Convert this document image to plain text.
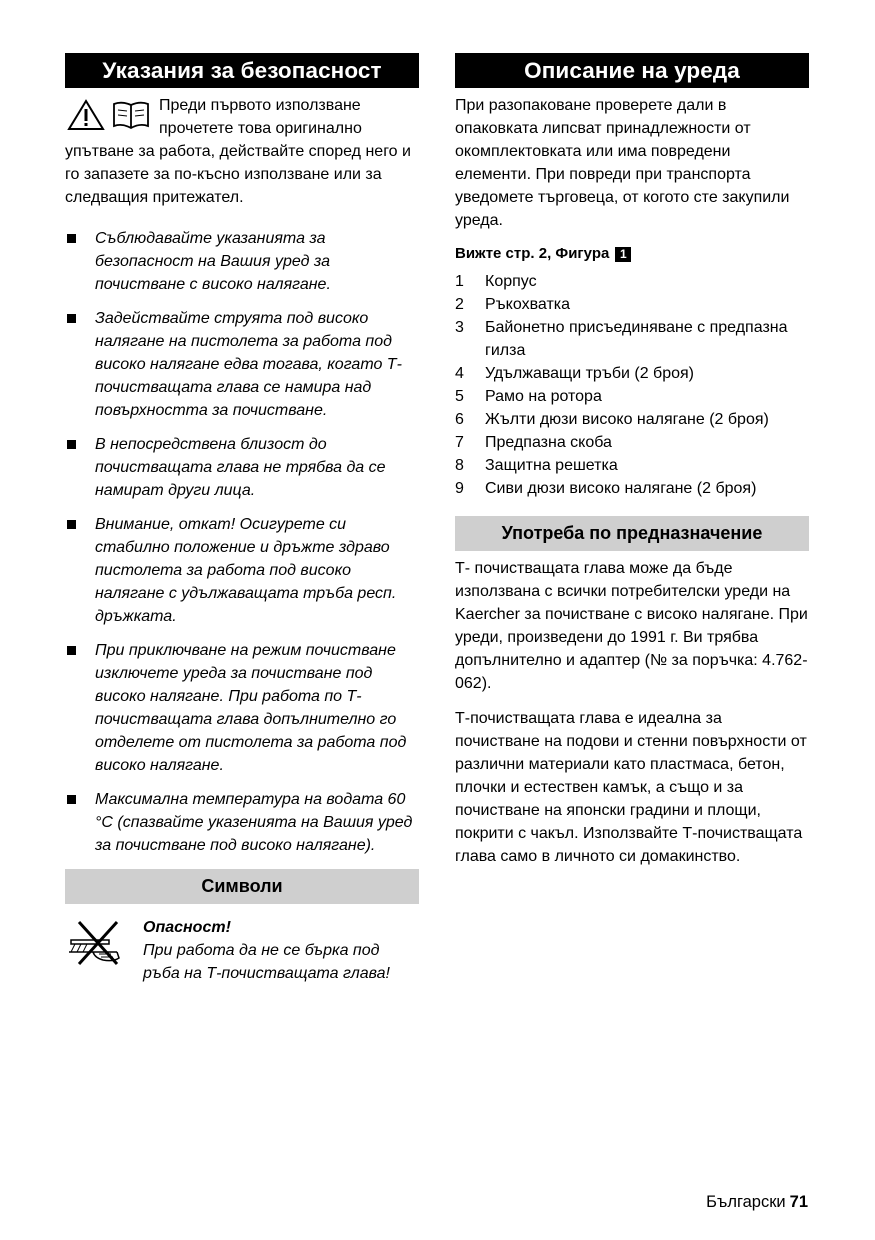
Указания за безопасност
Преди първото използване прочетете това оригинално упътване за работа, действайте според него и го запазете за по-късно използване или за следващия притежател.
Съблюдавайте указанията за безопасност на Вашия уред за почистване с високо налягане.
Задействайте струята под високо налягане на пистолета за работа под високо налягане едва тогава, когато Т-почистващата глава се намира над повърхността за почистване.
В непосредствена близост до почистващата глава не трябва да се намират други лица.
Внимание, откат! Осигурете си стабилно положение и дръжте здраво пистолета за работа под високо налягане с удължаващата тръба респ. дръжката.
При приключване на режим почистване изключете уреда за почистване под високо налягане. При работа по Т-почистващата глава допълнително го отделете от пистолета за работа под високо налягане.
Максимална температура на водата 60 °C (спазвайте указенията на Вашия уред за почистване под високо налягане).
Символи

Опасност!

При работа да не се бърка под ръба на Т-почистващата глава!

Описание на уреда

При разопаковане проверете дали в опаковката липсват принадлежности от окомплектовката или има повредени елементи. При повреди при транспорта уведомете търговеца, от когото сте закупили уреда.

Вижте стр. 2, Фигура 1
1	Корпус
2	Ръкохватка
3	Байонетно присъединяване с предпазна гилза
4	Удължаващи тръби (2 броя)
5	Рамо на ротора
6	Жълти дюзи високо налягане (2 броя)
7	Предпазна скоба
8	Защитна решетка
9	Сиви дюзи високо налягане (2 броя)
Употреба по предназначение

Т- почистващата глава може да бъде използвана с всички потребителски уреди на Kaercher за почистване с високо налягане. При уреди, произведени до 1991 г. Ви трябва допълнително и адаптер (№ за поръчка: 4.762-062).

Т-почистващата глава е идеална за почистване на подови и стенни повърхности от различни материали като пластмаса, бетон, плочки и естествен камък, а също и за почистване на японски градини и площи, покрити с чакъл. Използвайте Т-почистващата глава само в личното си домакинство.

Български 71
